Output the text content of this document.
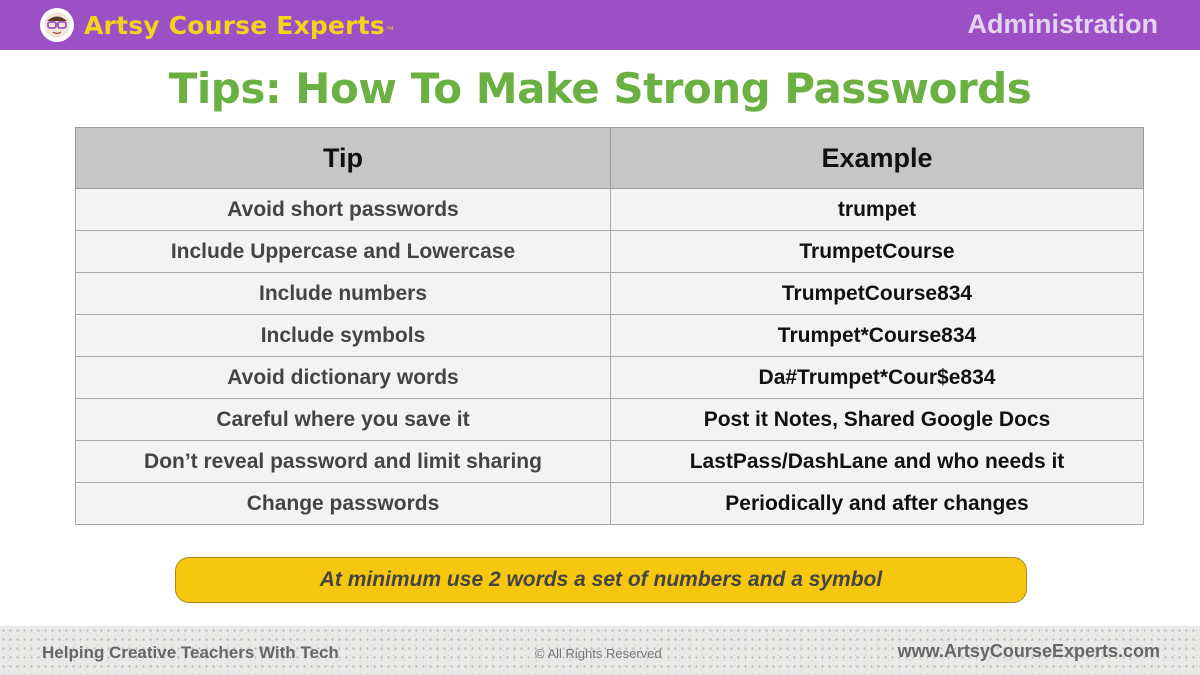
Artsy Course Experts ™	Administration
Tips: How To Make Strong Passwords
Tip	Example
Avoid short passwords	trumpet
Include Uppercase and Lowercase	TrumpetCourse
Include numbers	TrumpetCourse834
Include symbols	Trumpet*Course834
Avoid dictionary words	Da#Trumpet*Cour$e834
Careful where you save it	Post it Notes, Shared Google Docs
Don’t reveal password and limit sharing	LastPass/DashLane and who needs it
Change passwords	Periodically and after changes
At minimum use 2 words a set of numbers and a symbol
Helping Creative Teachers With Tech	© All Rights Reserved	www.ArtsyCourseExperts.com
